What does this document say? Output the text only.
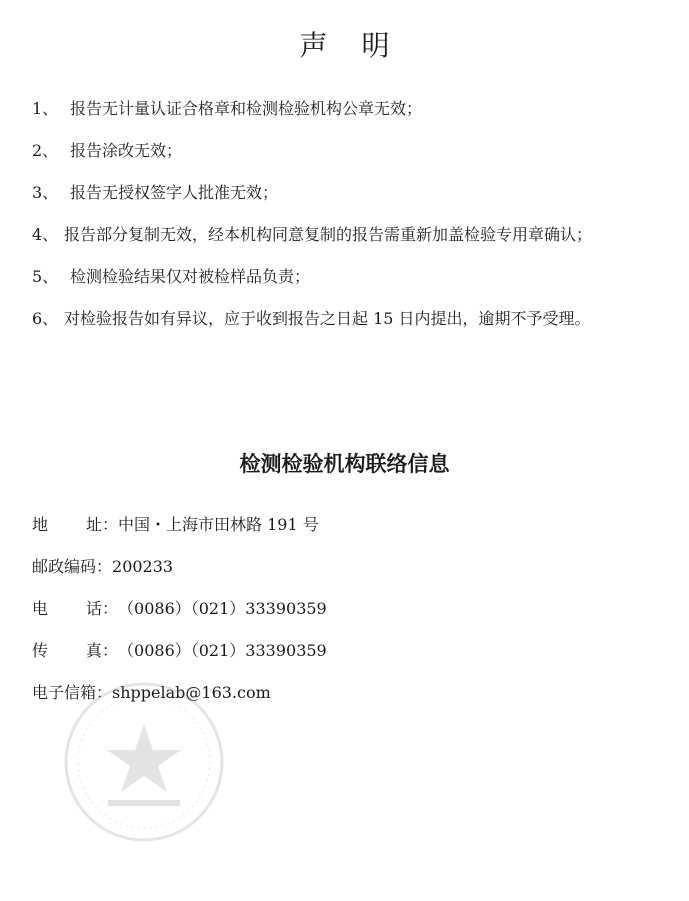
声明
1、 报告无计量认证合格章和检测检验机构公章无效；
2、 报告涂改无效；
3、 报告无授权签字人批准无效；
4、 报告部分复制无效，经本机构同意复制的报告需重新加盖检验专用章确认；
5、 检测检验结果仅对被检样品负责；
6、 对检验报告如有异议，应于收到报告之日起 15 日内提出，逾期不予受理。
检测检验机构联络信息
地址：中国・上海市田林路 191 号
邮政编码：200233
电话：（0086）（021）33390359
传真：（0086）（021）33390359
电子信箱：shppelab@163.com
